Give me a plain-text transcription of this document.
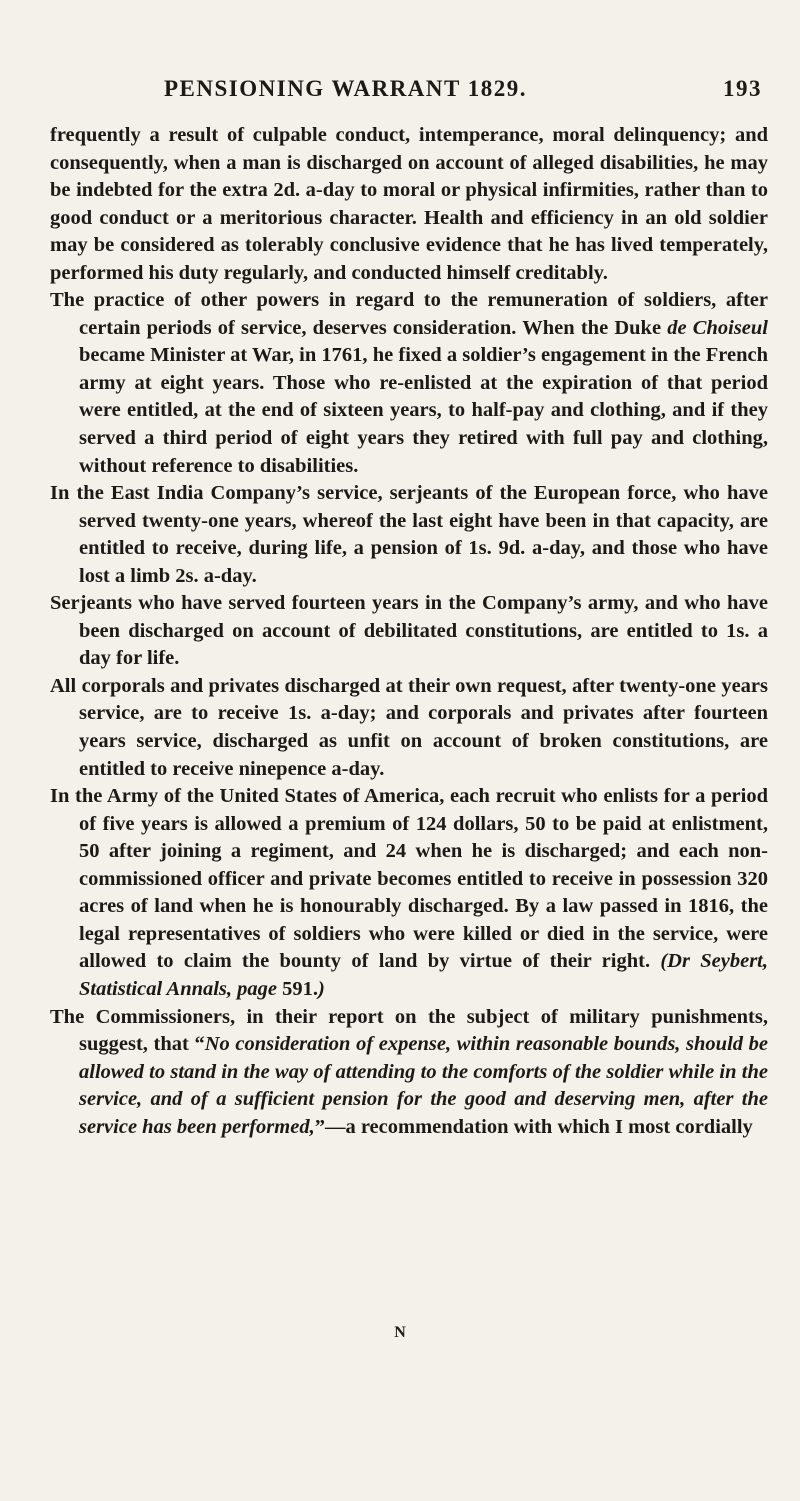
PENSIONING WARRANT 1829.	193

frequently a result of culpable conduct, intemperance, moral delinquency; and consequently, when a man is discharged on account of alleged disabilities, he may be indebted for the extra 2d. a-day to moral or physical infirmities, rather than to good conduct or a meritorious character. Health and efficiency in an old soldier may be considered as tolerably conclusive evidence that he has lived temperately, performed his duty regularly, and conducted himself creditably.

The practice of other powers in regard to the remuneration of soldiers, after certain periods of service, deserves consideration. When the Duke de Choiseul became Minister at War, in 1761, he fixed a soldier’s engagement in the French army at eight years. Those who re-enlisted at the expiration of that period were entitled, at the end of sixteen years, to half-pay and clothing, and if they served a third period of eight years they retired with full pay and clothing, without reference to disabilities.

In the East India Company’s service, serjeants of the European force, who have served twenty-one years, whereof the last eight have been in that capacity, are entitled to receive, during life, a pension of 1s. 9d. a-day, and those who have lost a limb 2s. a-day.

Serjeants who have served fourteen years in the Company’s army, and who have been discharged on account of debilitated constitutions, are entitled to 1s. a day for life.

All corporals and privates discharged at their own request, after twenty-one years service, are to receive 1s. a-day; and corporals and privates after fourteen years service, discharged as unfit on account of broken constitutions, are entitled to receive ninepence a-day.

In the Army of the United States of America, each recruit who enlists for a period of five years is allowed a premium of 124 dollars, 50 to be paid at enlistment, 50 after joining a regiment, and 24 when he is discharged; and each non-commissioned officer and private becomes entitled to receive in possession 320 acres of land when he is honourably discharged. By a law passed in 1816, the legal representatives of soldiers who were killed or died in the service, were allowed to claim the bounty of land by virtue of their right. (Dr Seybert, Statistical Annals, page 591.)

The Commissioners, in their report on the subject of military punishments, suggest, that “No consideration of expense, within reasonable bounds, should be allowed to stand in the way of attending to the comforts of the soldier while in the service, and of a sufficient pension for the good and deserving men, after the service has been performed,”—a recommendation with which I most cordially

N
